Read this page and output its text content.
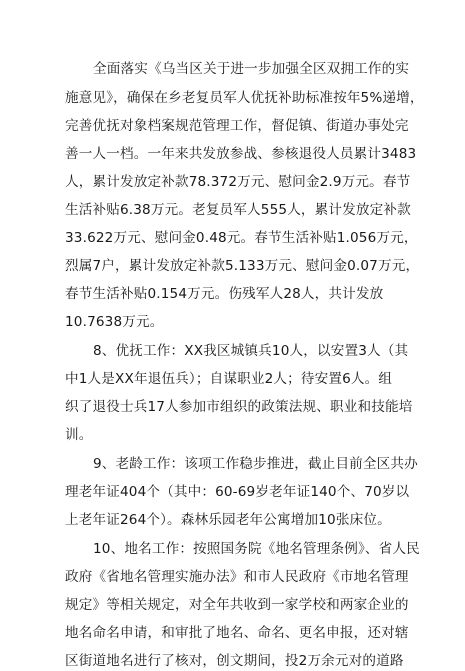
全面落实《乌当区关于进一步加强全区双拥工作的实
施意见》，确保在乡老复员军人优抚补助标准按年5%递增，
完善优抚对象档案规范管理工作，督促镇、街道办事处完
善一人一档。一年来共发放参战、参核退役人员累计3483
人，累计发放定补款78.372万元、慰问金2.9万元。春节
生活补贴6.38万元。老复员军人555人，累计发放定补款
33.622万元、慰问金0.48元。春节生活补贴1.056万元，
烈属7户，累计发放定补款5.133万元、慰问金0.07万元，
春节生活补贴0.154万元。伤残军人28人，共计发放
10.7638万元。
8、优抚工作：XX我区城镇兵10人，以安置3人（其
中1人是XX年退伍兵）；自谋职业2人；待安置6人。组
织了退役士兵17人参加市组织的政策法规、职业和技能培
训。
9、老龄工作：该项工作稳步推进，截止目前全区共办
理老年证404个（其中：60-69岁老年证140个、70岁以
上老年证264个）。森林乐园老年公寓增加10张床位。
10、地名工作：按照国务院《地名管理条例》、省人民
政府《省地名管理实施办法》和市人民政府《市地名管理
规定》等相关规定，对全年共收到一家学校和两家企业的
地名命名申请，和审批了地名、命名、更名申报，还对辖
区街道地名进行了核对，创文期间，投2万余元对的道路
